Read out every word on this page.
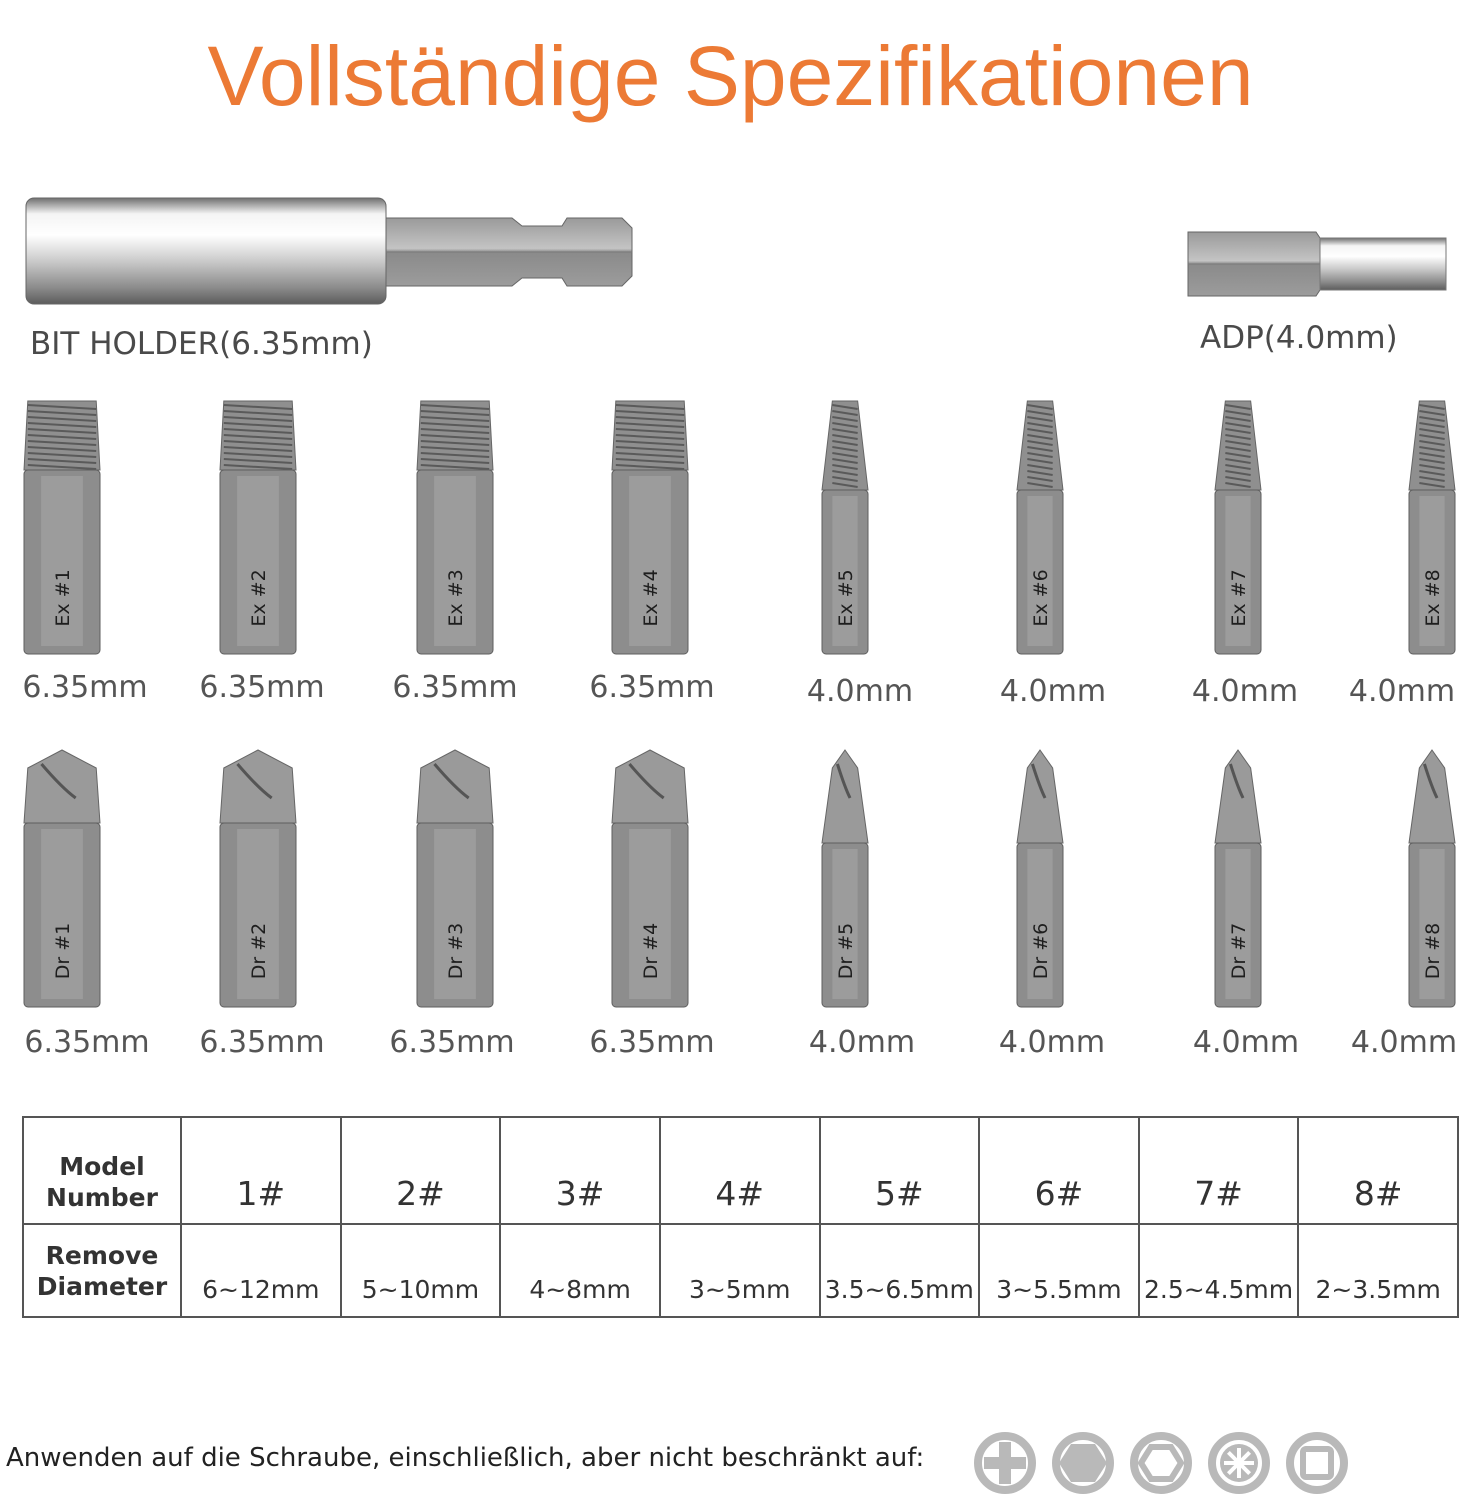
Vollständige Spezifikationen
BIT HOLDER(6.35mm)	ADP(4.0mm)
Ex #1
6.35mm
Ex #2
6.35mm
Ex #3
6.35mm
Ex #4
6.35mm
Ex #5
4.0mm
Ex #6
4.0mm
Ex #7
4.0mm
Ex #8
4.0mm
Dr #1
6.35mm
Dr #2
6.35mm
Dr #3
6.35mm
Dr #4
6.35mm
Dr #5
4.0mm
Dr #6
4.0mm
Dr #7
4.0mm
Dr #8
4.0mm
Model
Number	1#	2#	3#	4#	5#	6#	7#	8#
Remove
Diameter	6~12mm	5~10mm	4~8mm	3~5mm	3.5~6.5mm	3~5.5mm	2.5~4.5mm	2~3.5mm
Anwenden auf die Schraube, einschließlich, aber nicht beschränkt auf:
